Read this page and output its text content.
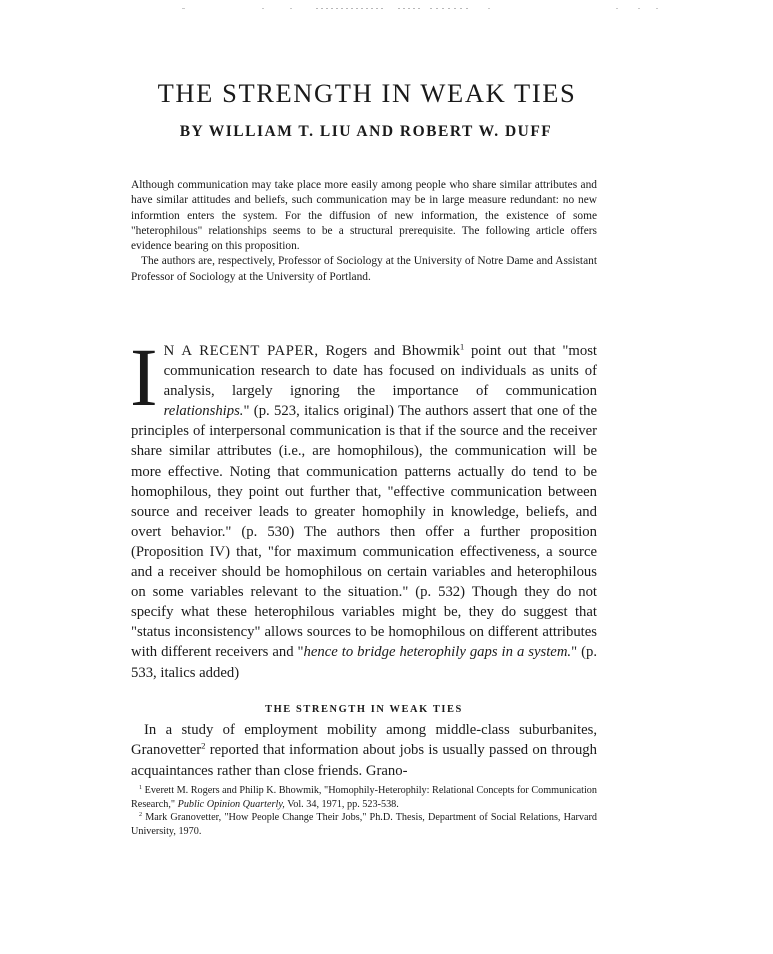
THE STRENGTH IN WEAK TIES
BY WILLIAM T. LIU AND ROBERT W. DUFF

Although communication may take place more easily among people who share similar attributes and have similar attitudes and beliefs, such communication may be in large measure redundant: no new informtion enters the system. For the diffusion of new information, the existence of some "heterophilous" relationships seems to be a structural prerequisite. The following article offers evidence bearing on this proposition.

The authors are, respectively, Professor of Sociology at the University of Notre Dame and Assistant Professor of Sociology at the University of Portland.

I N A RECENT PAPER, Rogers and Bhowmik$^1$ point out that "most communication research to date has focused on individuals as units of analysis, largely ignoring the importance of communication relationships." (p. 523, italics original) The authors assert that one of the principles of interpersonal communication is that if the source and the receiver share similar attributes (i.e., are homophilous), the communication will be more effective. Noting that communication patterns actually do tend to be homophilous, they point out further that, "effective communication between source and receiver leads to greater homophily in knowledge, beliefs, and overt behavior." (p. 530) The authors then offer a further proposition (Proposition IV) that, "for maximum communication effectiveness, a source and a receiver should be homophilous on certain variables and heterophilous on some variables relevant to the situation." (p. 532) Though they do not specify what these heterophilous variables might be, they do suggest that "status inconsistency" allows sources to be homophilous on different attributes with different receivers and "hence to bridge heterophily gaps in a system." (p. 533, italics added)

THE STRENGTH IN WEAK TIES

In a study of employment mobility among middle-class suburbanites, Granovetter$^2$ reported that information about jobs is usually passed on through acquaintances rather than close friends. Grano-

$^1$ Everett M. Rogers and Philip K. Bhowmik, "Homophily-Heterophily: Relational Concepts for Communication Research," Public Opinion Quarterly, Vol. 34, 1971, pp. 523-538.

$^2$ Mark Granovetter, "How People Change Their Jobs," Ph.D. Thesis, Department of Social Relations, Harvard University, 1970.
